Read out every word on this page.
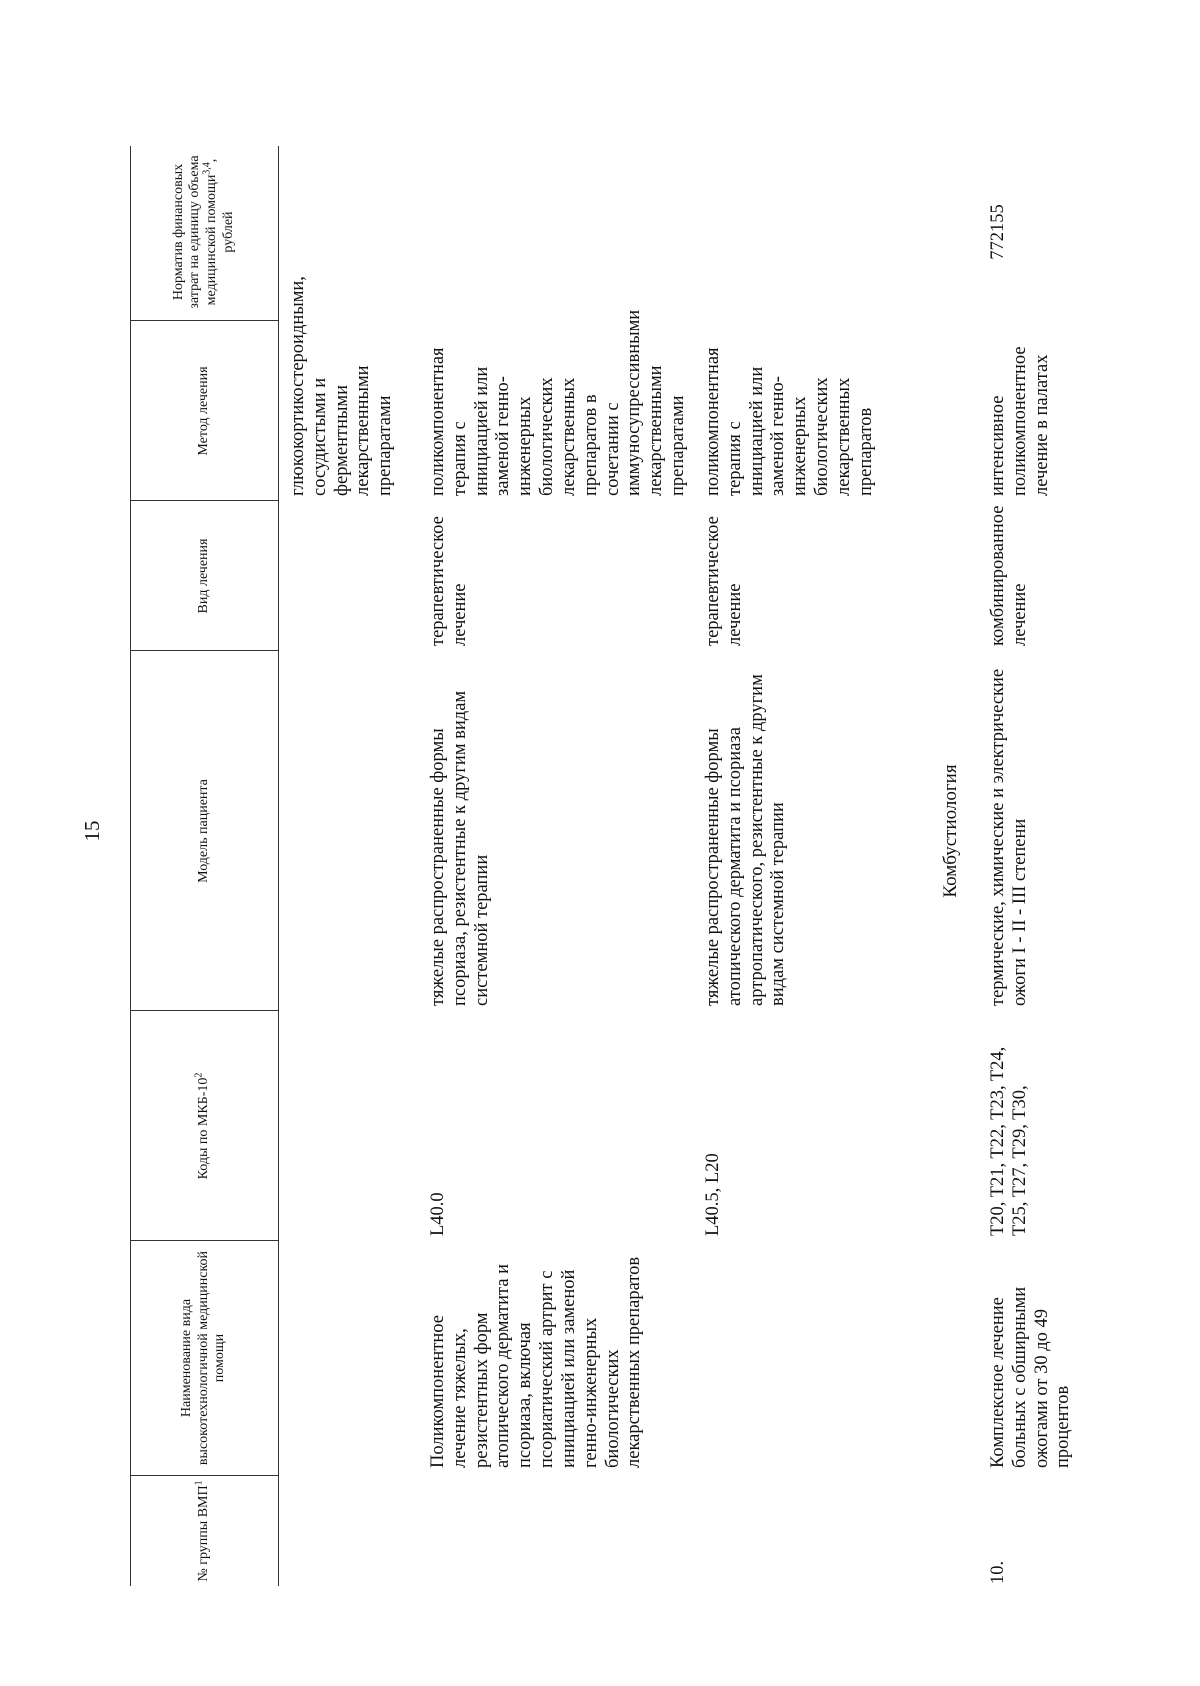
15
№ группы ВМП$^1$
Наименование вида высокотехнологичной медицинской помощи
Коды по МКБ-$10^2$
Модель пациента
Вид лечения
Метод лечения
Норматив финансовых затрат на единицу объема медицинской помощи$^{3,4}$, рублей
глюкокортикостероидными, сосудистыми и ферментными лекарственными препаратами
Поликомпонентное лечение тяжелых, резистентных форм атопического дерматита и псориаза, включая псориатический артрит с инициацией или заменой генно-инженерных биологических лекарственных препаратов
L40.0
тяжелые распространенные формы псориаза, резистентные к другим видам системной терапии
терапевтическое лечение
поликомпонентная терапия с инициацией или заменой генно-инженерных биологических лекарственных препаратов в сочетании с иммуносупрессивными лекарственными препаратами
L40.5, L20
тяжелые распространенные формы атопического дерматита и псориаза артропатического, резистентные к другим видам системной терапии
терапевтическое лечение
поликомпонентная терапия с инициацией или заменой генно-инженерных биологических лекарственных препаратов
Комбустиология
10.
Комплексное лечение больных с обширными ожогами от 30 до 49 процентов
T20, T21, T22, T23, T24, T25, T27, T29, T30,
термические, химические и электрические ожоги I - II - III степени
комбинированное лечение
интенсивное поликомпонентное лечение в палатах
772155
